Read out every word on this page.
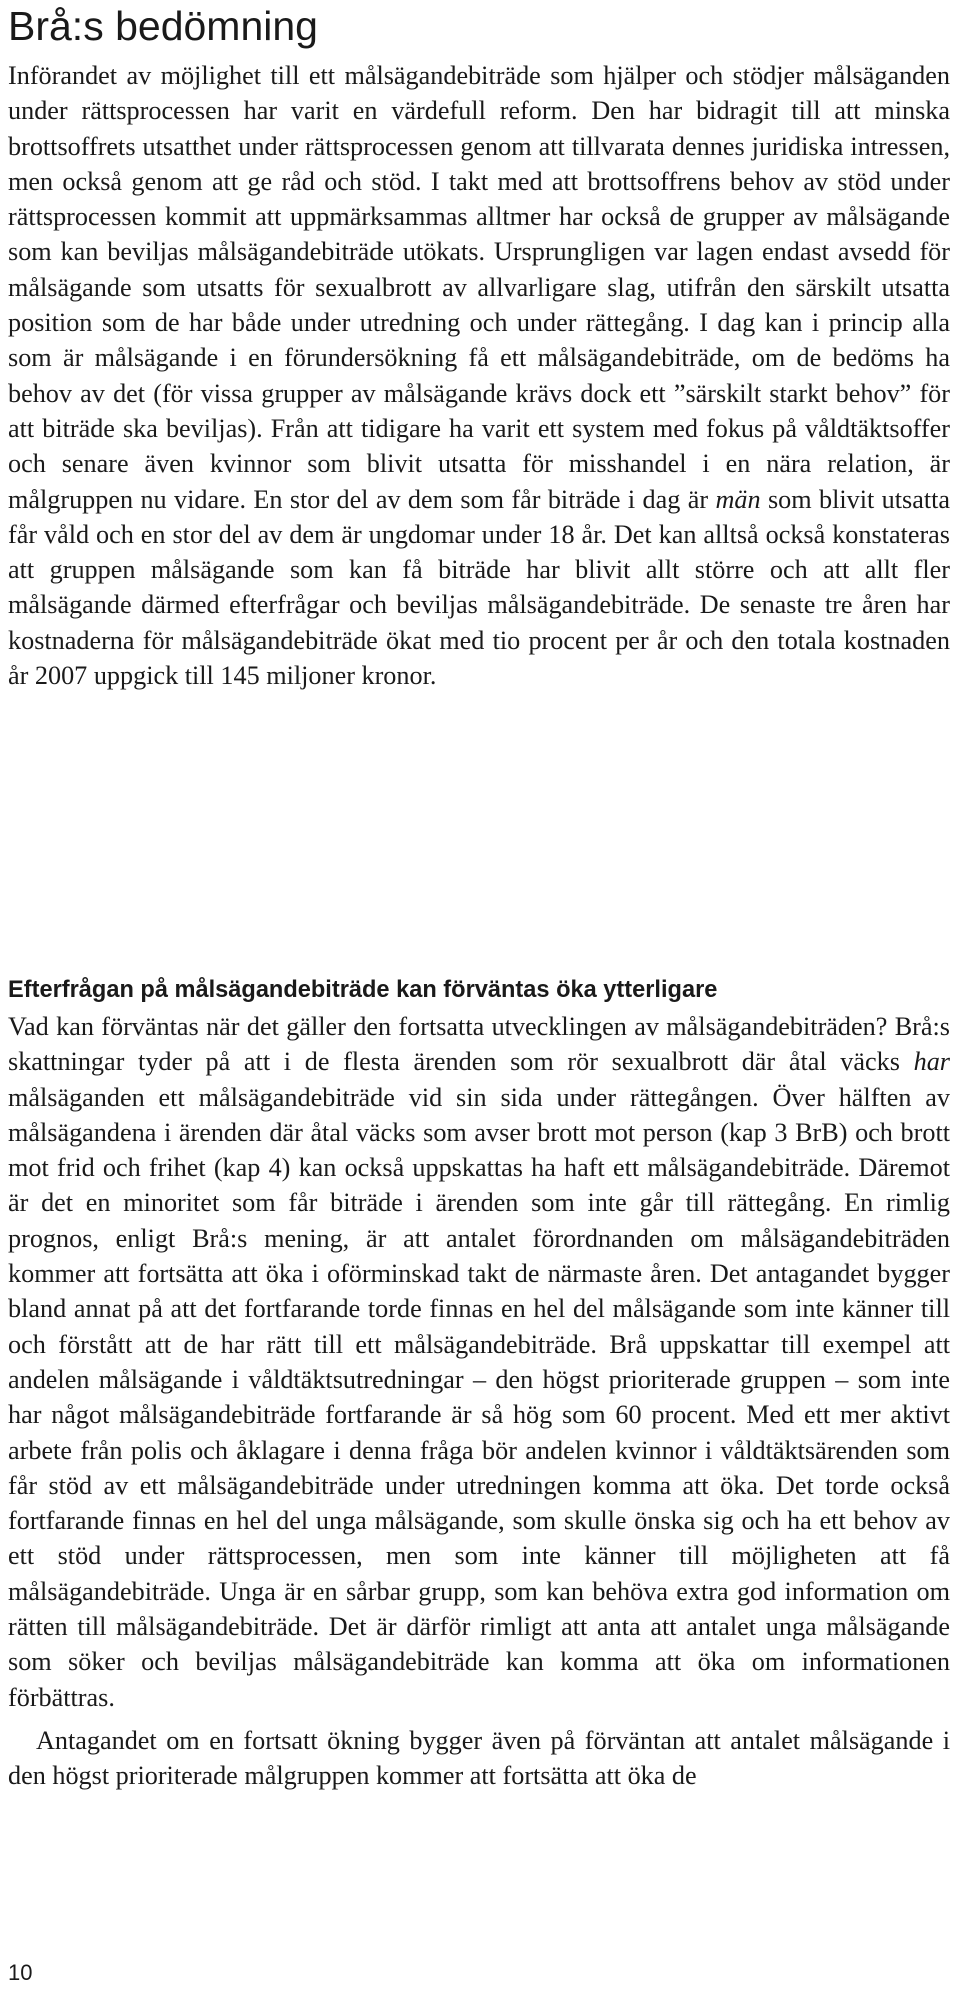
Brå:s bedömning

Införandet av möjlighet till ett målsägandebiträde som hjälper och stödjer målsäganden under rättsprocessen har varit en värdefull reform. Den har bidragit till att minska brottsoffrets utsatthet under rättsprocessen genom att tillvarata dennes juridiska intressen, men också genom att ge råd och stöd. I takt med att brottsoffrens behov av stöd under rättsprocessen kommit att uppmärksammas alltmer har också de grupper av målsägande som kan beviljas målsägandebiträde utökats. Ursprungligen var lagen endast avsedd för målsägande som utsatts för sexualbrott av allvarligare slag, utifrån den särskilt utsatta position som de har både under utredning och under rättegång. I dag kan i princip alla som är målsägande i en förundersökning få ett målsägandebiträde, om de bedöms ha behov av det (för vissa grupper av målsägande krävs dock ett ”särskilt starkt behov” för att biträde ska beviljas). Från att tidigare ha varit ett system med fokus på våldtäktsoffer och senare även kvinnor som blivit utsatta för misshandel i en nära relation, är målgruppen nu vidare. En stor del av dem som får biträde i dag är män som blivit utsatta får våld och en stor del av dem är ungdomar under 18 år. Det kan alltså också konstateras att gruppen målsägande som kan få biträde har blivit allt större och att allt fler målsägande därmed efterfrågar och beviljas målsägandebiträde. De senaste tre åren har kostnaderna för målsägandebiträde ökat med tio procent per år och den totala kostnaden år 2007 uppgick till 145 miljoner kronor.

Efterfrågan på målsägandebiträde kan förväntas öka ytterligare

Vad kan förväntas när det gäller den fortsatta utvecklingen av målsägandebiträden? Brå:s skattningar tyder på att i de flesta ärenden som rör sexualbrott där åtal väcks har målsäganden ett målsägandebiträde vid sin sida under rättegången. Över hälften av målsägandena i ärenden där åtal väcks som avser brott mot person (kap 3 BrB) och brott mot frid och frihet (kap 4) kan också uppskattas ha haft ett målsägandebiträde. Däremot är det en minoritet som får biträde i ärenden som inte går till rättegång. En rimlig prognos, enligt Brå:s mening, är att antalet förordnanden om målsägandebiträden kommer att fortsätta att öka i oförminskad takt de närmaste åren. Det antagandet bygger bland annat på att det fortfarande torde finnas en hel del målsägande som inte känner till och förstått att de har rätt till ett målsägandebiträde. Brå uppskattar till exempel att andelen målsägande i våldtäktsutredningar – den högst prioriterade gruppen – som inte har något målsägandebiträde fortfarande är så hög som 60 procent. Med ett mer aktivt arbete från polis och åklagare i denna fråga bör andelen kvinnor i våldtäktsärenden som får stöd av ett målsägandebiträde under utredningen komma att öka. Det torde också fortfarande finnas en hel del unga målsägande, som skulle önska sig och ha ett behov av ett stöd under rättsprocessen, men som inte känner till möjligheten att få målsägandebiträde. Unga är en sårbar grupp, som kan behöva extra god information om rätten till målsägandebiträde. Det är därför rimligt att anta att antalet unga målsägande som söker och beviljas målsägandebiträde kan komma att öka om informationen förbättras.

Antagandet om en fortsatt ökning bygger även på förväntan att antalet målsägande i den högst prioriterade målgruppen kommer att fortsätta att öka de

10
